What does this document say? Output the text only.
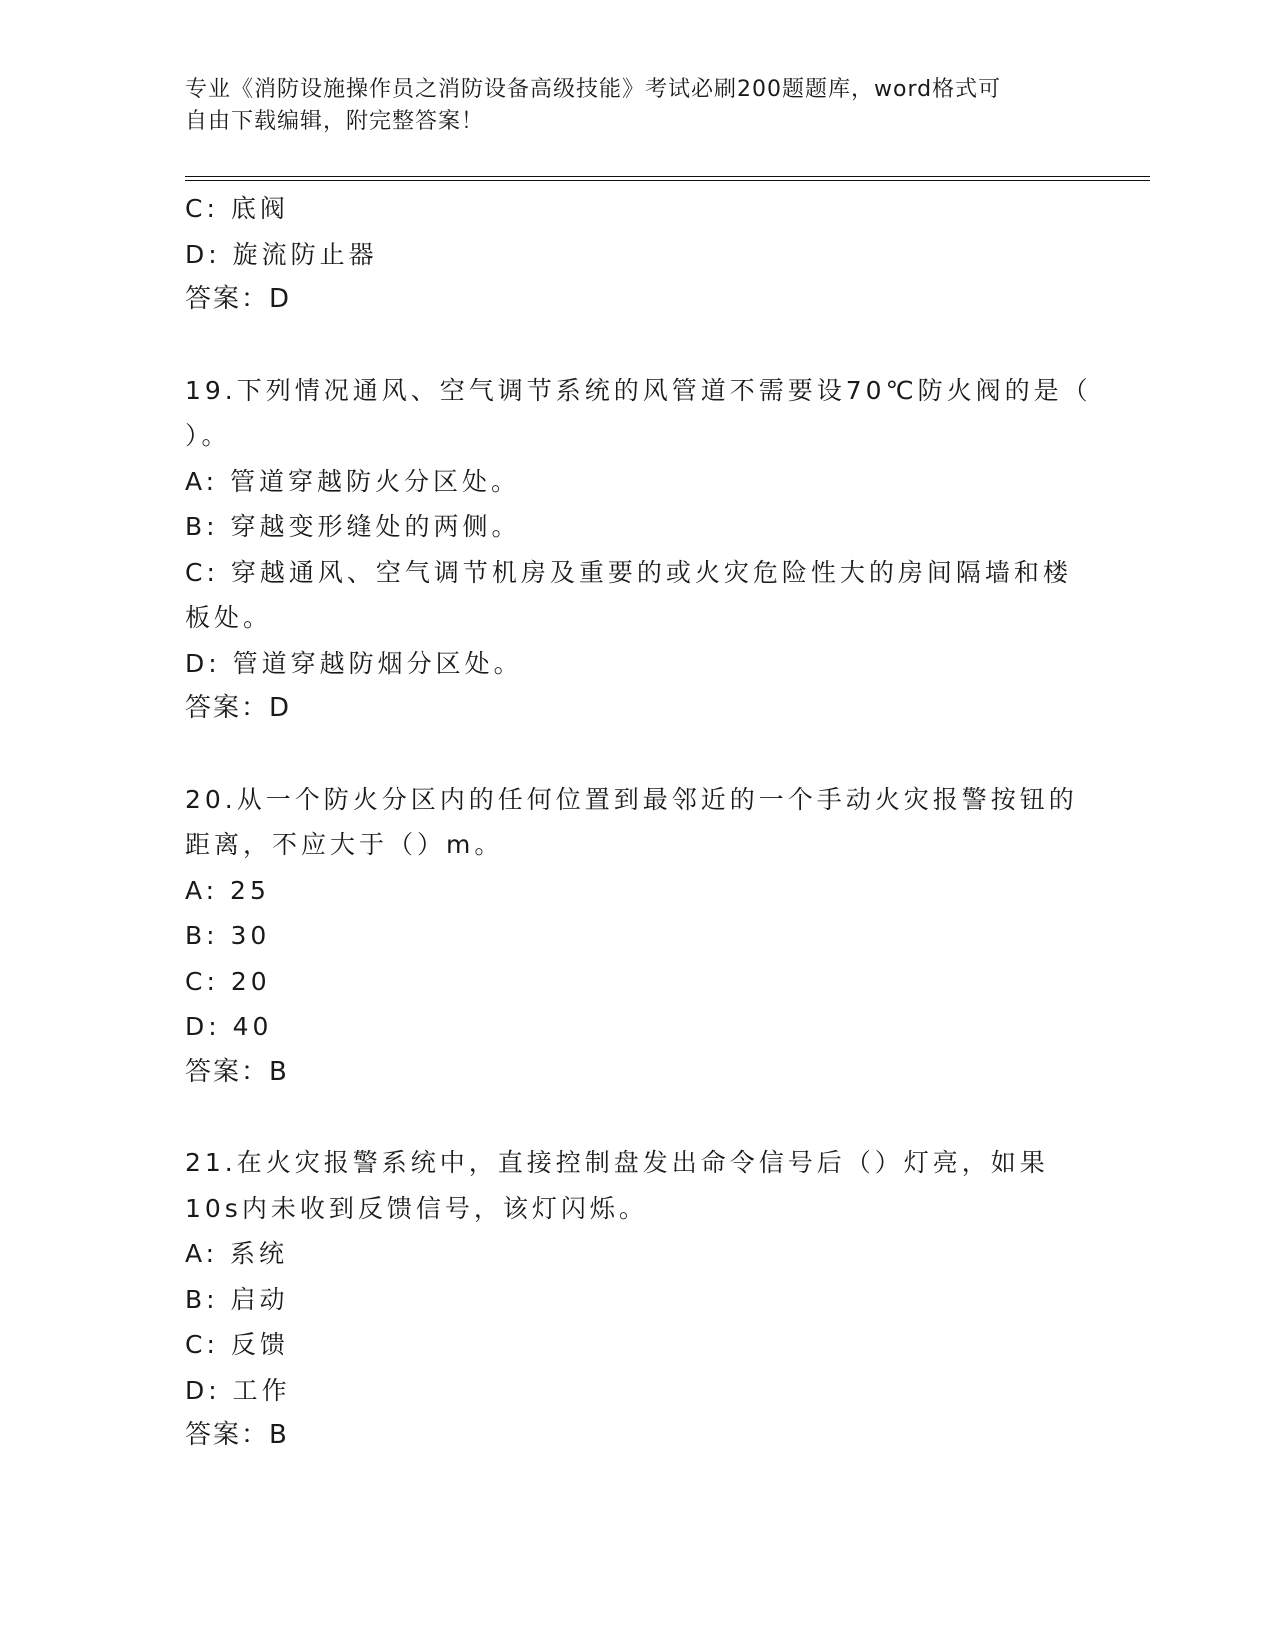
专业《消防设施操作员之消防设备高级技能》考试必刷200题题库，word格式可
自由下载编辑，附完整答案！
C: 底阀
D: 旋流防止器
答案：D
19.下列情况通风、空气调节系统的风管道不需要设70℃防火阀的是（
）。
A: 管道穿越防火分区处。
B: 穿越变形缝处的两侧。
C: 穿越通风、空气调节机房及重要的或火灾危险性大的房间隔墙和楼
板处。
D: 管道穿越防烟分区处。
答案：D
20.从一个防火分区内的任何位置到最邻近的一个手动火灾报警按钮的
距离，不应大于（）m。
A: 25
B: 30
C: 20
D: 40
答案：B
21.在火灾报警系统中，直接控制盘发出命令信号后（）灯亮，如果
10s内未收到反馈信号，该灯闪烁。
A: 系统
B: 启动
C: 反馈
D: 工作
答案：B
